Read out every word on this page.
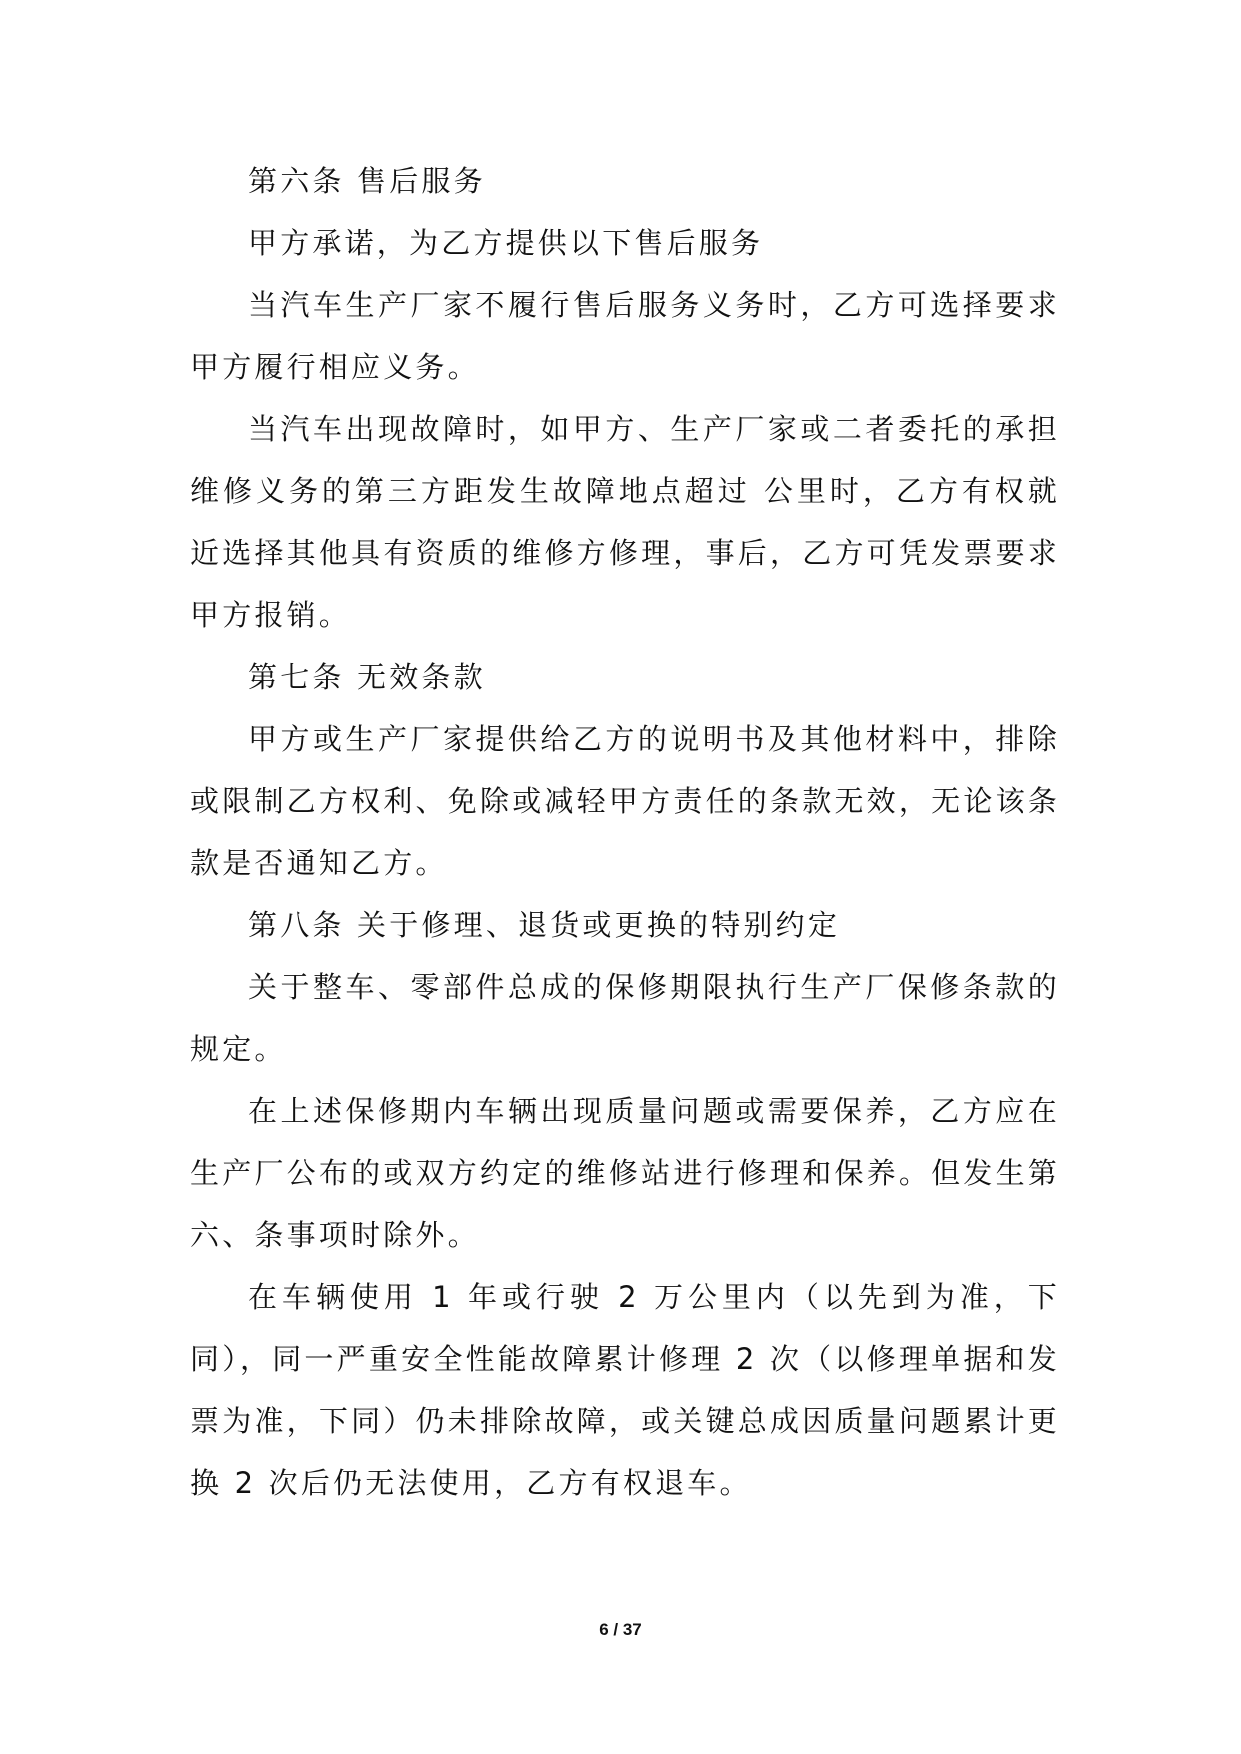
第六条 售后服务

甲方承诺，为乙方提供以下售后服务

当汽车生产厂家不履行售后服务义务时，乙方可选择要求甲方履行相应义务。

当汽车出现故障时，如甲方、生产厂家或二者委托的承担维修义务的第三方距发生故障地点超过 公里时，乙方有权就近选择其他具有资质的维修方修理，事后，乙方可凭发票要求甲方报销。

第七条 无效条款

甲方或生产厂家提供给乙方的说明书及其他材料中，排除或限制乙方权利、免除或减轻甲方责任的条款无效，无论该条款是否通知乙方。

第八条 关于修理、退货或更换的特别约定

关于整车、零部件总成的保修期限执行生产厂保修条款的规定。

在上述保修期内车辆出现质量问题或需要保养，乙方应在生产厂公布的或双方约定的维修站进行修理和保养。但发生第六、条事项时除外。

在车辆使用 1 年或行驶 2 万公里内（以先到为准，下同），同一严重安全性能故障累计修理 2 次（以修理单据和发票为准，下同）仍未排除故障，或关键总成因质量问题累计更换 2 次后仍无法使用，乙方有权退车。

6 / 37
